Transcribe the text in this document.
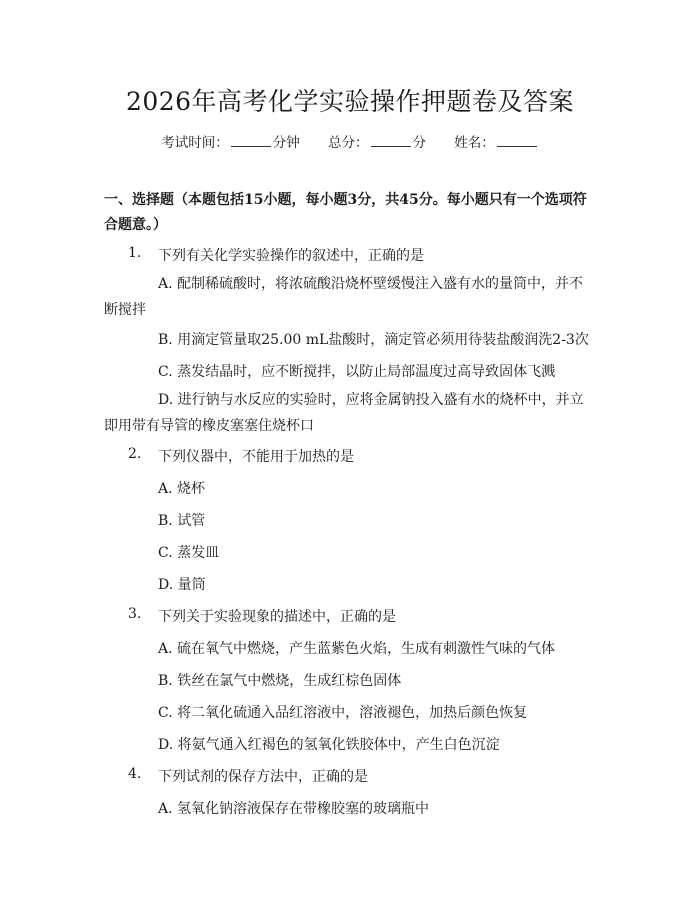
2026年高考化学实验操作押题卷及答案
考试时间：	分钟 总分：	分 姓名：
一、选择题（本题包括15小题，每小题3分，共45分。每小题只有一个选项符合题意。）
1. 下列有关化学实验操作的叙述中，正确的是
A. 配制稀硫酸时，将浓硫酸沿烧杯壁缓慢注入盛有水的量筒中，并不断搅拌
B. 用滴定管量取25.00 mL盐酸时，滴定管必须用待装盐酸润洗2-3次
C. 蒸发结晶时，应不断搅拌，以防止局部温度过高导致固体飞溅
D. 进行钠与水反应的实验时，应将金属钠投入盛有水的烧杯中，并立即用带有导管的橡皮塞塞住烧杯口
2. 下列仪器中，不能用于加热的是
A. 烧杯
B. 试管
C. 蒸发皿
D. 量筒
3. 下列关于实验现象的描述中，正确的是
A. 硫在氧气中燃烧，产生蓝紫色火焰，生成有刺激性气味的气体
B. 铁丝在氯气中燃烧，生成红棕色固体
C. 将二氧化硫通入品红溶液中，溶液褪色，加热后颜色恢复
D. 将氨气通入红褐色的氢氧化铁胶体中，产生白色沉淀
4. 下列试剂的保存方法中，正确的是
A. 氢氧化钠溶液保存在带橡胶塞的玻璃瓶中
